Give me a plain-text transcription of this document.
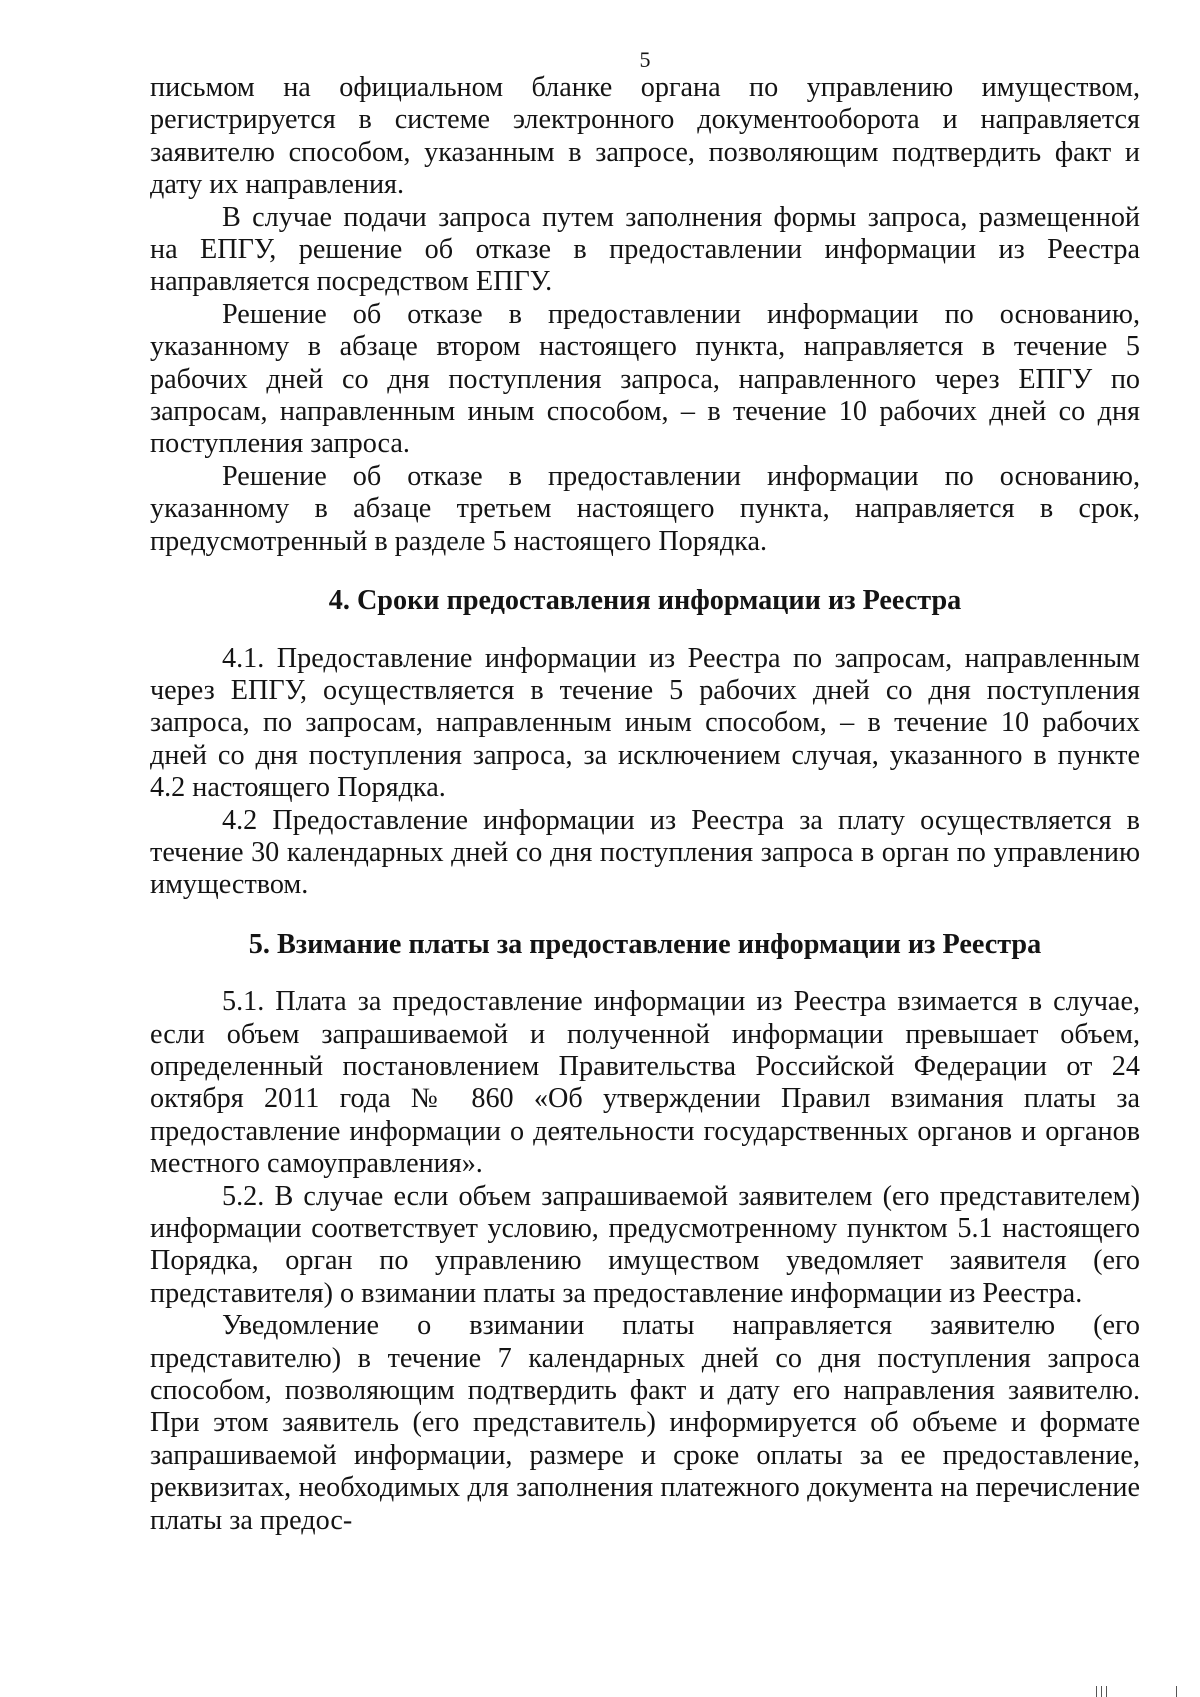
5

письмом на официальном бланке органа по управлению имуществом, регистрируется в системе электронного документооборота и направляется заявителю способом, указанным в запросе, позволяющим подтвердить факт и дату их направления.

В случае подачи запроса путем заполнения формы запроса, размещенной на ЕПГУ, решение об отказе в предоставлении информации из Реестра направляется посредством ЕПГУ.

Решение об отказе в предоставлении информации по основанию, указанному в абзаце втором настоящего пункта, направляется в течение 5 рабочих дней со дня поступления запроса, направленного через ЕПГУ по запросам, направленным иным способом, – в течение 10 рабочих дней со дня поступления запроса.

Решение об отказе в предоставлении информации по основанию, указанному в абзаце третьем настоящего пункта, направляется в срок, предусмотренный в разделе 5 настоящего Порядка.

4. Сроки предоставления информации из Реестра

4.1. Предоставление информации из Реестра по запросам, направленным через ЕПГУ, осуществляется в течение 5 рабочих дней со дня поступления запроса, по запросам, направленным иным способом, – в течение 10 рабочих дней со дня поступления запроса, за исключением случая, указанного в пункте 4.2 настоящего Порядка.

4.2 Предоставление информации из Реестра за плату осуществляется в течение 30 календарных дней со дня поступления запроса в орган по управлению имуществом.

5. Взимание платы за предоставление информации из Реестра

5.1. Плата за предоставление информации из Реестра взимается в случае, если объем запрашиваемой и полученной информации превышает объем, определенный постановлением Правительства Российской Федерации от 24 октября 2011 года № 860 «Об утверждении Правил взимания платы за предоставление информации о деятельности государственных органов и органов местного самоуправления».

5.2. В случае если объем запрашиваемой заявителем (его представителем) информации соответствует условию, предусмотренному пунктом 5.1 настоящего Порядка, орган по управлению имуществом уведомляет заявителя (его представителя) о взимании платы за предоставление информации из Реестра.

Уведомление о взимании платы направляется заявителю (его представителю) в течение 7 календарных дней со дня поступления запроса способом, позволяющим подтвердить факт и дату его направления заявителю. При этом заявитель (его представитель) информируется об объеме и формате запрашиваемой информации, размере и сроке оплаты за ее предоставление, реквизитах, необходимых для заполнения платежного документа на перечисление платы за предос-
